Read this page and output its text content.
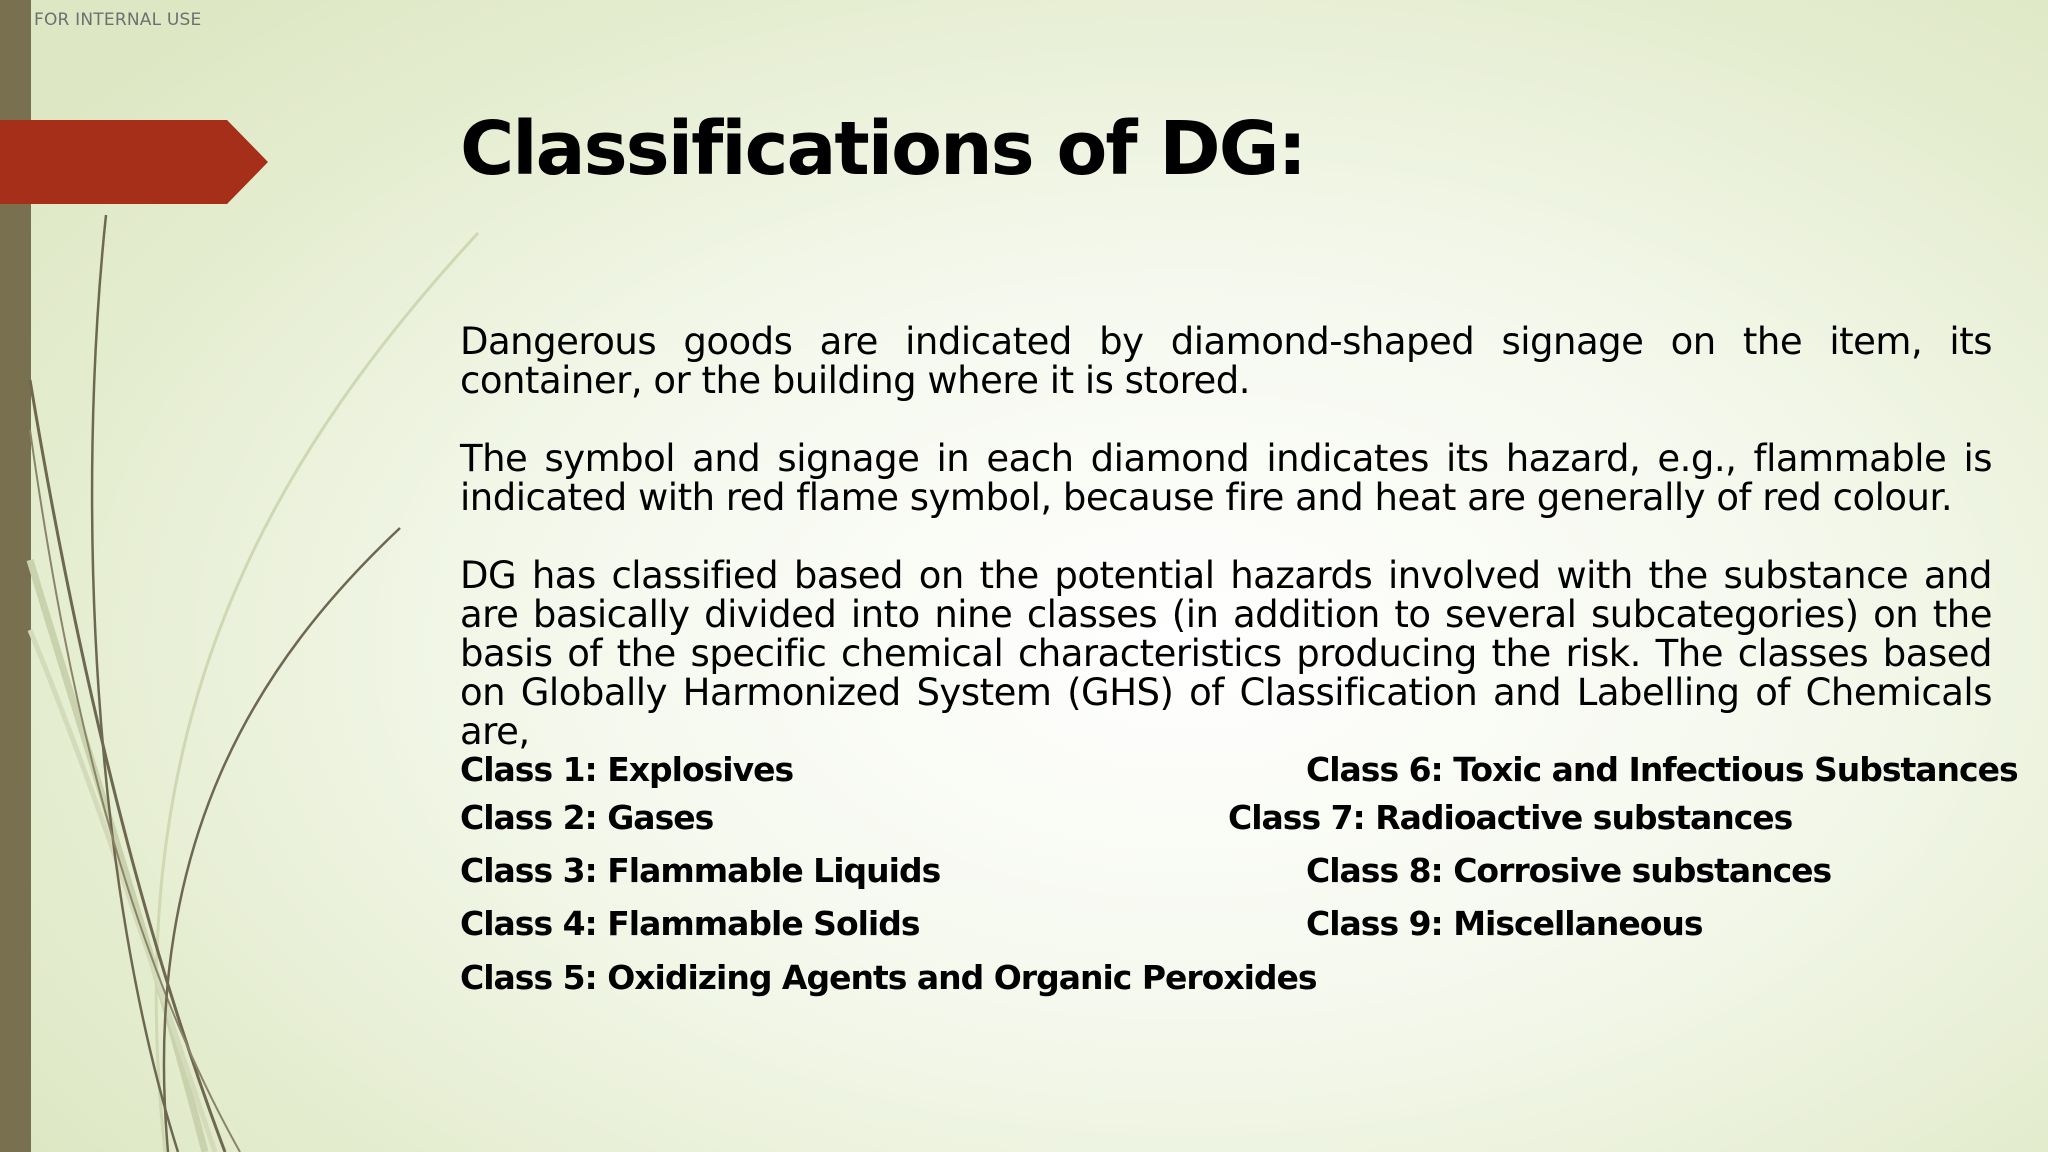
FOR INTERNAL USE
Classifications of DG:

Dangerous goods are indicated by diamond-shaped signage on the item, its container, or the building where it is stored.

The symbol and signage in each diamond indicates its hazard, e.g., flammable is indicated with red flame symbol, because fire and heat are generally of red colour.

DG has classified based on the potential hazards involved with the substance and are basically divided into nine classes (in addition to several subcategories) on the basis of the specific chemical characteristics producing the risk. The classes based on Globally Harmonized System (GHS) of Classification and Labelling of Chemicals are,

Class 1: Explosives
Class 2: Gases
Class 3: Flammable Liquids
Class 4: Flammable Solids
Class 5: Oxidizing Agents and Organic Peroxides
Class 6: Toxic and Infectious Substances
Class 7: Radioactive substances
Class 8: Corrosive substances
Class 9: Miscellaneous
